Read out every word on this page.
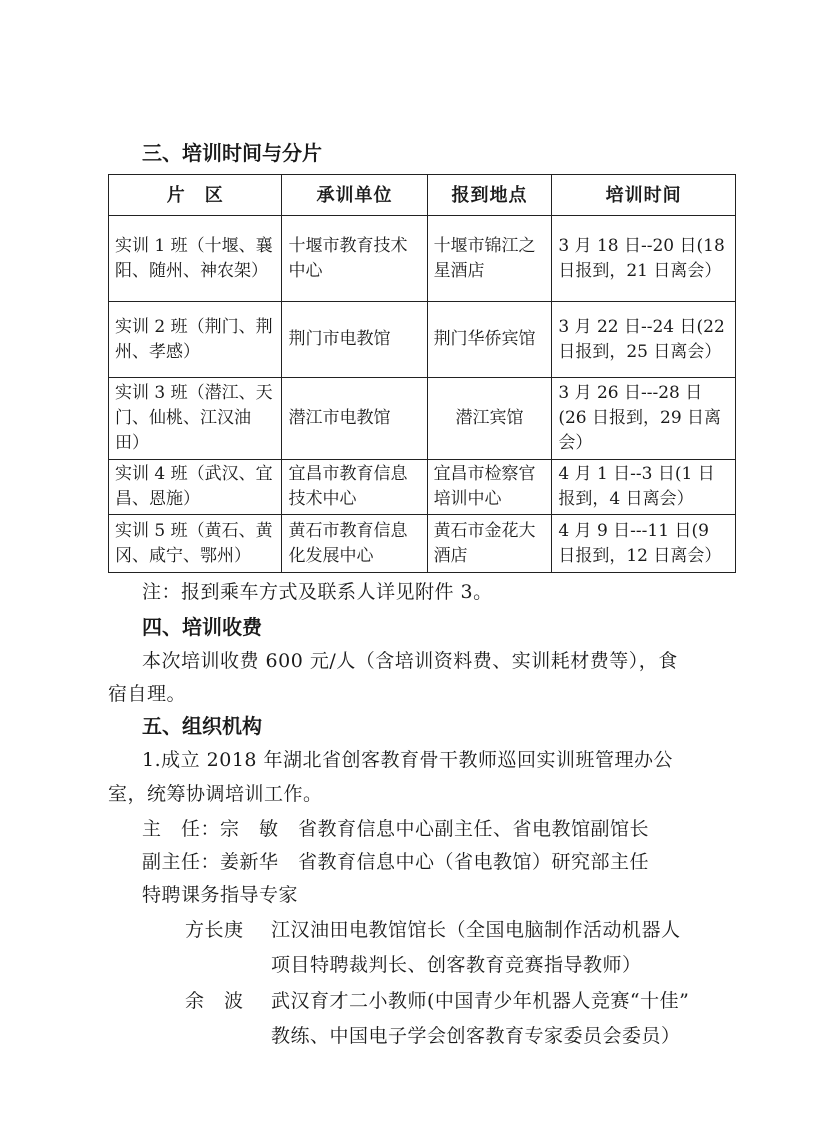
三、培训时间与分片
片　区	承训单位	报到地点	培训时间
实训 1 班（十堰、襄阳、随州、神农架）	十堰市教育技术中心	十堰市锦江之星酒店	3 月 18 日--20 日(18 日报到，21 日离会）
实训 2 班（荆门、荆州、孝感）	荆门市电教馆	荆门华侨宾馆	3 月 22 日--24 日(22 日报到，25 日离会）
实训 3 班（潜江、天门、仙桃、江汉油田）	潜江市电教馆	潜江宾馆	3 月 26 日---28 日(26 日报到，29 日离会）
实训 4 班（武汉、宜昌、恩施）	宜昌市教育信息技术中心	宜昌市检察官培训中心	4 月 1 日--3 日(1 日报到，4 日离会）
实训 5 班（黄石、黄冈、咸宁、鄂州）	黄石市教育信息化发展中心	黄石市金花大酒店	4 月 9 日---11 日(9 日报到，12 日离会）
注：报到乘车方式及联系人详见附件 3。
四、培训收费
本次培训收费 600 元/人（含培训资料费、实训耗材费等），食
宿自理。
五、组织机构
1.成立 2018 年湖北省创客教育骨干教师巡回实训班管理办公
室，统筹协调培训工作。
主　任：宗　敏　省教育信息中心副主任、省电教馆副馆长
副主任：姜新华　省教育信息中心（省电教馆）研究部主任
特聘课务指导专家
方长庚 江汉油田电教馆馆长（全国电脑制作活动机器人
项目特聘裁判长、创客教育竞赛指导教师）
余　波 武汉育才二小教师(中国青少年机器人竞赛“十佳”
教练、中国电子学会创客教育专家委员会委员）
